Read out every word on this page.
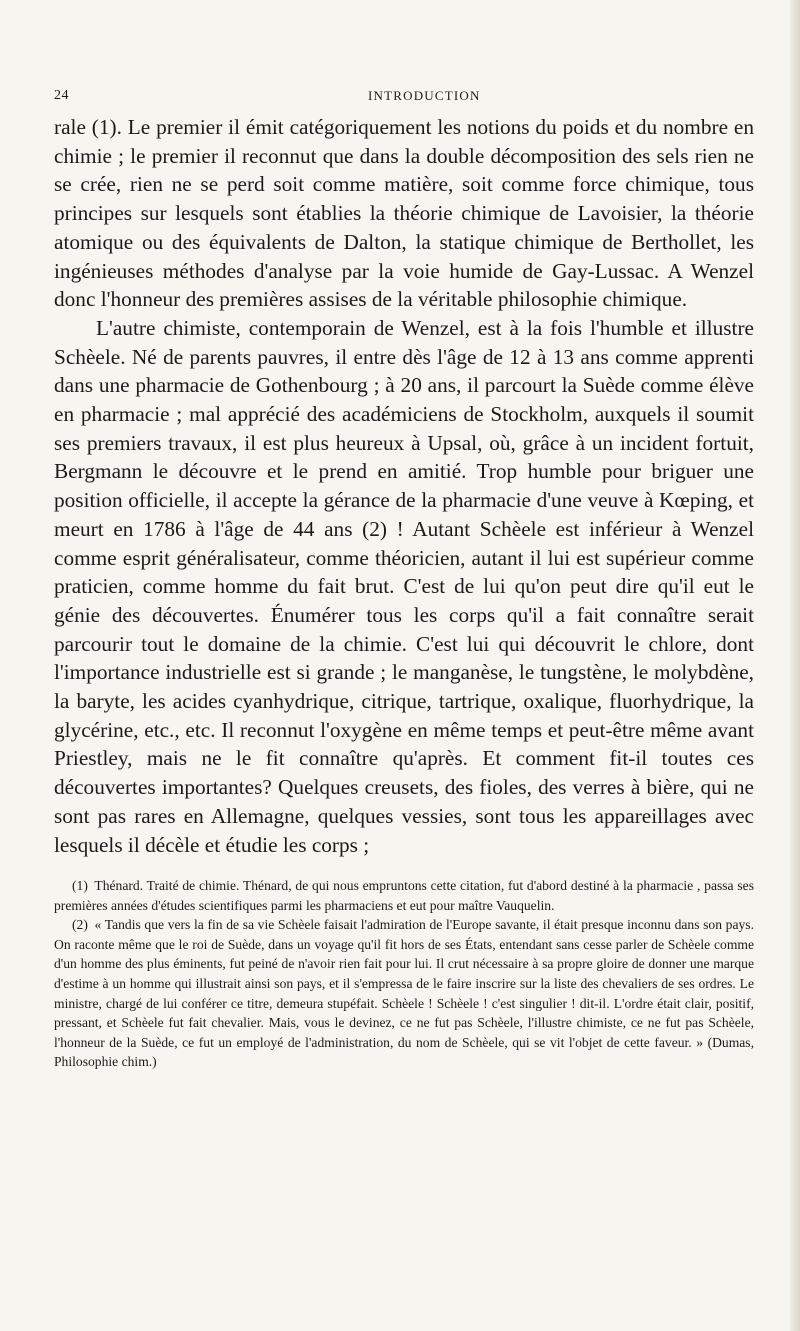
24	INTRODUCTION

rale (1). Le premier il émit catégoriquement les notions du poids et du nombre en chimie ; le premier il reconnut que dans la double décomposition des sels rien ne se crée, rien ne se perd soit comme matière, soit comme force chimique, tous principes sur lesquels sont établies la théorie chimique de Lavoisier, la théorie atomique ou des équivalents de Dalton, la statique chimique de Berthollet, les ingénieuses méthodes d'analyse par la voie humide de Gay-Lussac. A Wenzel donc l'honneur des premières assises de la véritable philosophie chimique.

L'autre chimiste, contemporain de Wenzel, est à la fois l'humble et illustre Schèele. Né de parents pauvres, il entre dès l'âge de 12 à 13 ans comme apprenti dans une pharmacie de Gothenbourg ; à 20 ans, il parcourt la Suède comme élève en pharmacie ; mal apprécié des académiciens de Stockholm, auxquels il soumit ses premiers travaux, il est plus heureux à Upsal, où, grâce à un incident fortuit, Bergmann le découvre et le prend en amitié. Trop humble pour briguer une position officielle, il accepte la gérance de la pharmacie d'une veuve à Kœping, et meurt en 1786 à l'âge de 44 ans (2) ! Autant Schèele est inférieur à Wenzel comme esprit généralisateur, comme théoricien, autant il lui est supérieur comme praticien, comme homme du fait brut. C'est de lui qu'on peut dire qu'il eut le génie des découvertes. Énumérer tous les corps qu'il a fait connaître serait parcourir tout le domaine de la chimie. C'est lui qui découvrit le chlore, dont l'importance industrielle est si grande ; le manganèse, le tungstène, le molybdène, la baryte, les acides cyanhydrique, citrique, tartrique, oxalique, fluorhydrique, la glycérine, etc., etc. Il reconnut l'oxygène en même temps et peut-être même avant Priestley, mais ne le fit connaître qu'après. Et comment fit-il toutes ces découvertes importantes? Quelques creusets, des fioles, des verres à bière, qui ne sont pas rares en Allemagne, quelques vessies, sont tous les appareillages avec lesquels il décèle et étudie les corps ;

(1) Thénard. Traité de chimie. Thénard, de qui nous empruntons cette citation, fut d'abord destiné à la pharmacie , passa ses premières années d'études scientifiques parmi les pharmaciens et eut pour maître Vauquelin.

(2) « Tandis que vers la fin de sa vie Schèele faisait l'admiration de l'Europe savante, il était presque inconnu dans son pays. On raconte même que le roi de Suède, dans un voyage qu'il fit hors de ses États, entendant sans cesse parler de Schèele comme d'un homme des plus éminents, fut peiné de n'avoir rien fait pour lui. Il crut nécessaire à sa propre gloire de donner une marque d'estime à un homme qui illustrait ainsi son pays, et il s'empressa de le faire inscrire sur la liste des chevaliers de ses ordres. Le ministre, chargé de lui conférer ce titre, demeura stupéfait. Schèele ! Schèele ! c'est singulier ! dit-il. L'ordre était clair, positif, pressant, et Schèele fut fait chevalier. Mais, vous le devinez, ce ne fut pas Schèele, l'illustre chimiste, ce ne fut pas Schèele, l'honneur de la Suède, ce fut un employé de l'administration, du nom de Schèele, qui se vit l'objet de cette faveur. » (Dumas, Philosophie chim.)
